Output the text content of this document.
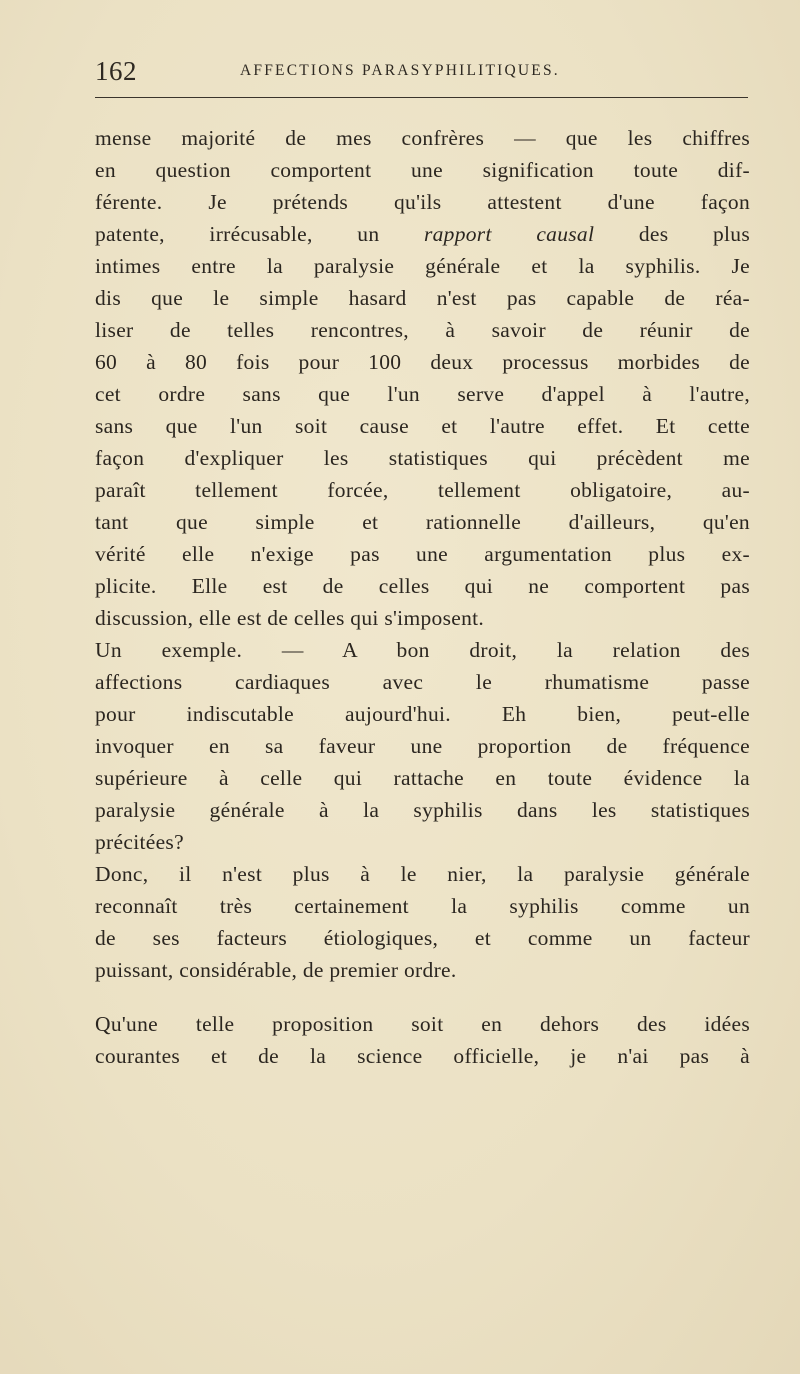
162	AFFECTIONS PARASYPHILITIQUES.
mense majorité de mes confrères — que les chiffres
en question comportent une signification toute dif-
férente. Je prétends qu'ils attestent d'une façon
patente, irrécusable, un rapport causal des plus
intimes entre la paralysie générale et la syphilis. Je
dis que le simple hasard n'est pas capable de réa-
liser de telles rencontres, à savoir de réunir de
60 à 80 fois pour 100 deux processus morbides de
cet ordre sans que l'un serve d'appel à l'autre,
sans que l'un soit cause et l'autre effet. Et cette
façon d'expliquer les statistiques qui précèdent me
paraît tellement forcée, tellement obligatoire, au-
tant que simple et rationnelle d'ailleurs, qu'en
vérité elle n'exige pas une argumentation plus ex-
plicite. Elle est de celles qui ne comportent pas
discussion, elle est de celles qui s'imposent.
Un exemple. — A bon droit, la relation des
affections cardiaques avec le rhumatisme passe
pour indiscutable aujourd'hui. Eh bien, peut-elle
invoquer en sa faveur une proportion de fréquence
supérieure à celle qui rattache en toute évidence la
paralysie générale à la syphilis dans les statistiques
précitées?
Donc, il n'est plus à le nier, la paralysie générale
reconnaît très certainement la syphilis comme un
de ses facteurs étiologiques, et comme un facteur
puissant, considérable, de premier ordre.
Qu'une telle proposition soit en dehors des idées
courantes et de la science officielle, je n'ai pas à
